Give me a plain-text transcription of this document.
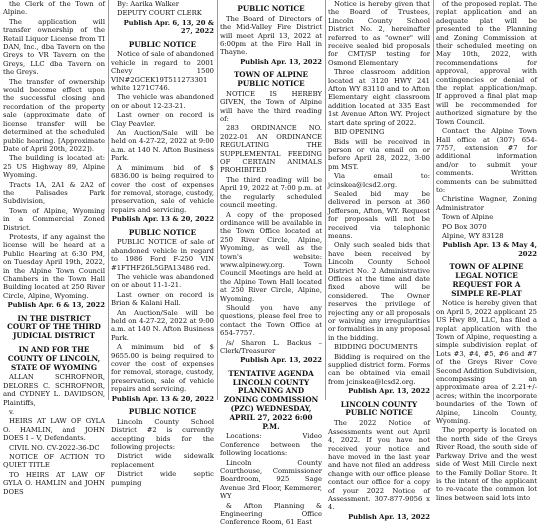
the Clerk of the Town of Alpine.

The application will transfer ownership of the Retail Liquor License from TI DAN, Inc., dba Tavern on the Greys to VR Tavern on the Greys, LLC dba Tavern on the Greys.

The transfer of ownership would become effect upon the successful closing and recordation of the property sale (approximate date of license transfer will be determined at the scheduled public hearing. [Approximate Date of April 20th, 2022]).

The building is located at: 25 US Highway 89, Alpine Wyoming.

Tracts 1A, 2A1 & 2A2 of the Palisades Park Subdivision,

Town of Alpine, Wyoming in a Commercial Zoned District.

Protests, if any against the license will be heard at a Public Hearing at 6:30 PM, on Tuesday April 19th, 2022, in the Alpine Town Council Chambers in the Town Hall Building located at 250 River Circle, Alpine, Wyoming.

Publish Apr. 6 & 13, 2022

IN THE DISTRICT COURT OF THE THIRD JUDICIAL DISTRICT

IN AND FOR THE COUNTY OF LINCOLN, STATE OF WYOMING

ALLAN SCHROFNOR, DELORES C. SCHROFNOR, and CYDNEY L. DAVIDSON, Plaintiffs,

v.

HEIRS AT LAW OF GYLA O. HAMLIN, and JOHN DOES I – V, Defendants.

CIVIL NO. CV-2022-36-DC

NOTICE OF ACTION TO QUIET TITLE

TO HEIRS AT LAW OF GYLA O. HAMLIN and JOHN DOES

By: Aarika Walker

DEPUTY COURT CLERK

Publish Apr. 6, 13, 20 & 27, 2022

PUBLIC NOTICE

Notice of sale of abandoned vehicle in regard to 2001 Chevy 1500 VIN#2GCEK19T511273301 white 1271C746.

The vehicle was abandoned on or about 12-23-21.

Last owner on record is Clay Peavler.

An Auction/Sale will be held on 4-27-22, 2022 at 9:00 a.m. at 140 N. Afton Business Park.

A minimum bid of $ 6836.00 is being required to cover the cost of expenses for removal, storage, custody, preservation, sale of vehicle repairs and servicing.

Publish Apr. 13 & 20, 2022

PUBLIC NOTICE

PUBLIC NOTICE of sale of abandoned vehicle in regard to 1986 Ford F-250 VIN #1FTHF26L5GPA13486 red.

The vehicle was abandoned on or about 11-1-21.

Last owner on record is Brian & Kalani Hall.

An Auction/Sale will be held on 4-27-22, 2022 at 9:00 a.m. at 140 N. Afton Business Park.

A minimum bid of $ 9655.00 is being required to cover the cost of expenses for removal, storage, custody, preservation, sale of vehicle repairs and servicing.

Publish Apr. 13 & 20, 2022

PUBLIC NOTICE

Lincoln County School District #2 is currently accepting bids for the following projects:

District wide sidewalk replacement

District wide septic pumping

PUBLIC NOTICE

The Board of Directors of the Mid-Valley Fire District will meet April 13, 2022 at 6:00pm at the Fire Hall in Thayne.

Publish Apr. 13, 2022

TOWN OF ALPINE PUBLIC NOTICE

NOTICE IS HEREBY GIVEN, the Town of Alpine will have the third reading of:

283 ORDINANCE NO. 2022-01 AN ORDINANCE REGULATING THE SUPPLEMENTAL FEEDING OF CERTAIN ANIMALS PROHIBITED

The third reading will be April 19, 2022 at 7:00 p.m. at the regularly scheduled council meeting.

A copy of the proposed ordinance will be available in the Town Office located at 250 River Circle, Alpine, Wyoming, as well as the town's website: www.alpinewy.org. Town Council Meetings are held at the Alpine Town Hall located at 250 River Circle, Alpine, Wyoming.

Should you have any questions, please feel free to contact the Town Office at 654-7757.

/s/ Sharon L. Backus – Clerk/Treasurer

Publish Apr. 13, 2022

TENTATIVE AGENDA LINCOLN COUNTY PLANNING AND ZONING COMMISSION (PZC) WEDNESDAY, APRIL 27, 2022 6:00 P.M.

Locations: Video Conference between the following locations:

Lincoln County Courthouse, Commissioner Boardroom, 925 Sage Avenue 3rd Floor, Kemmerer, WY

& Afton Planning & Engineering Office Conference Room, 61 East

Notice is hereby given that the Board of Trustees, Lincoln County School District No. 2, hereinafter referred to as "owner" will receive sealed bid proposals for CMT/SP testing for Osmond Elementary

Three classroom addition located at 3120 HWY 241 Afton WY 83110 and to Afton Elementary eight classroom addition located at 335 East 1st Avenue Afton WY. Project start date spring of 2022.

BID OPENING

Bids will be received in person or via email on or before April 28, 2022, 3:00 pm MST.

Via email to: jcinskea@lcsd2.org.

Sealed bid may be delivered in person at 360 Jefferson, Afton, WY. Request for proposals will not be received via telephonic means.

Only such sealed bids that have been received by Lincoln County School District No. 2 Administrative Offices at the time and date fixed above will be considered. The Owner reserves the privilege of rejecting any or all proposals or waiving any irregularities or formalities in any proposal in the bidding.

BIDDING DOCUMENTS

Bidding is required on the supplied district form. Forms can be obtained via email from jcinskea@lcsd2.org.

Publish Apr. 13, 2022

LINCOLN COUNTY PUBLIC NOTICE

The 2022 Notice of Assessments went out April 4, 2022. If you have not received your notice and have moved in the last year and have not filed an address change with our office please contact our office for a copy of your 2022 Notice of Assessment. 307-877-9056 x 4.

Publish Apr. 13, 2022

of the proposed replat. The replat application and an adequate plat will be presented to the Planning and Zoning Commission at their scheduled meeting on May 10th, 2022, with recommendations for approval, approval with contingencies or denial of the replat application/map. If approved a final plat map will be recommended for authorized signature by the Town Council.

Contact the Alpine Town Hall office at (307) 654-7757, extension #7 for additional information and/or to submit your comments. Written comments can be submitted to:

Christine Wagner, Zoning Administrator

Town of Alpine

PO Box 3070

Alpine, WY 83128

Publish Apr. 13 & May 4, 2022

TOWN OF ALPINE LEGAL NOTICE REQUEST FOR A SIMPLE RE-PLAT

Notice is hereby given that on April 5, 2022 applicant 25 US Hwy 89, LLC, has filed a replat application with the Town of Alpine, requesting a simple subdivision replat of Lots #3, #4, #5, #6 and #7 of the Greys River Cove Second Addition Subdivision, encompassing an approximate area of 2.21+/- acres; within the incorporate boundaries of the Town of Alpine, Lincoln County, Wyoming.

The property is located on the north side of the Greys River Road, the south side of Parkway Drive and the west side of West Mill Circle next to the Family Dollar Store. It is the intent of the applicant to re-vacate the common lot lines between said lots into
